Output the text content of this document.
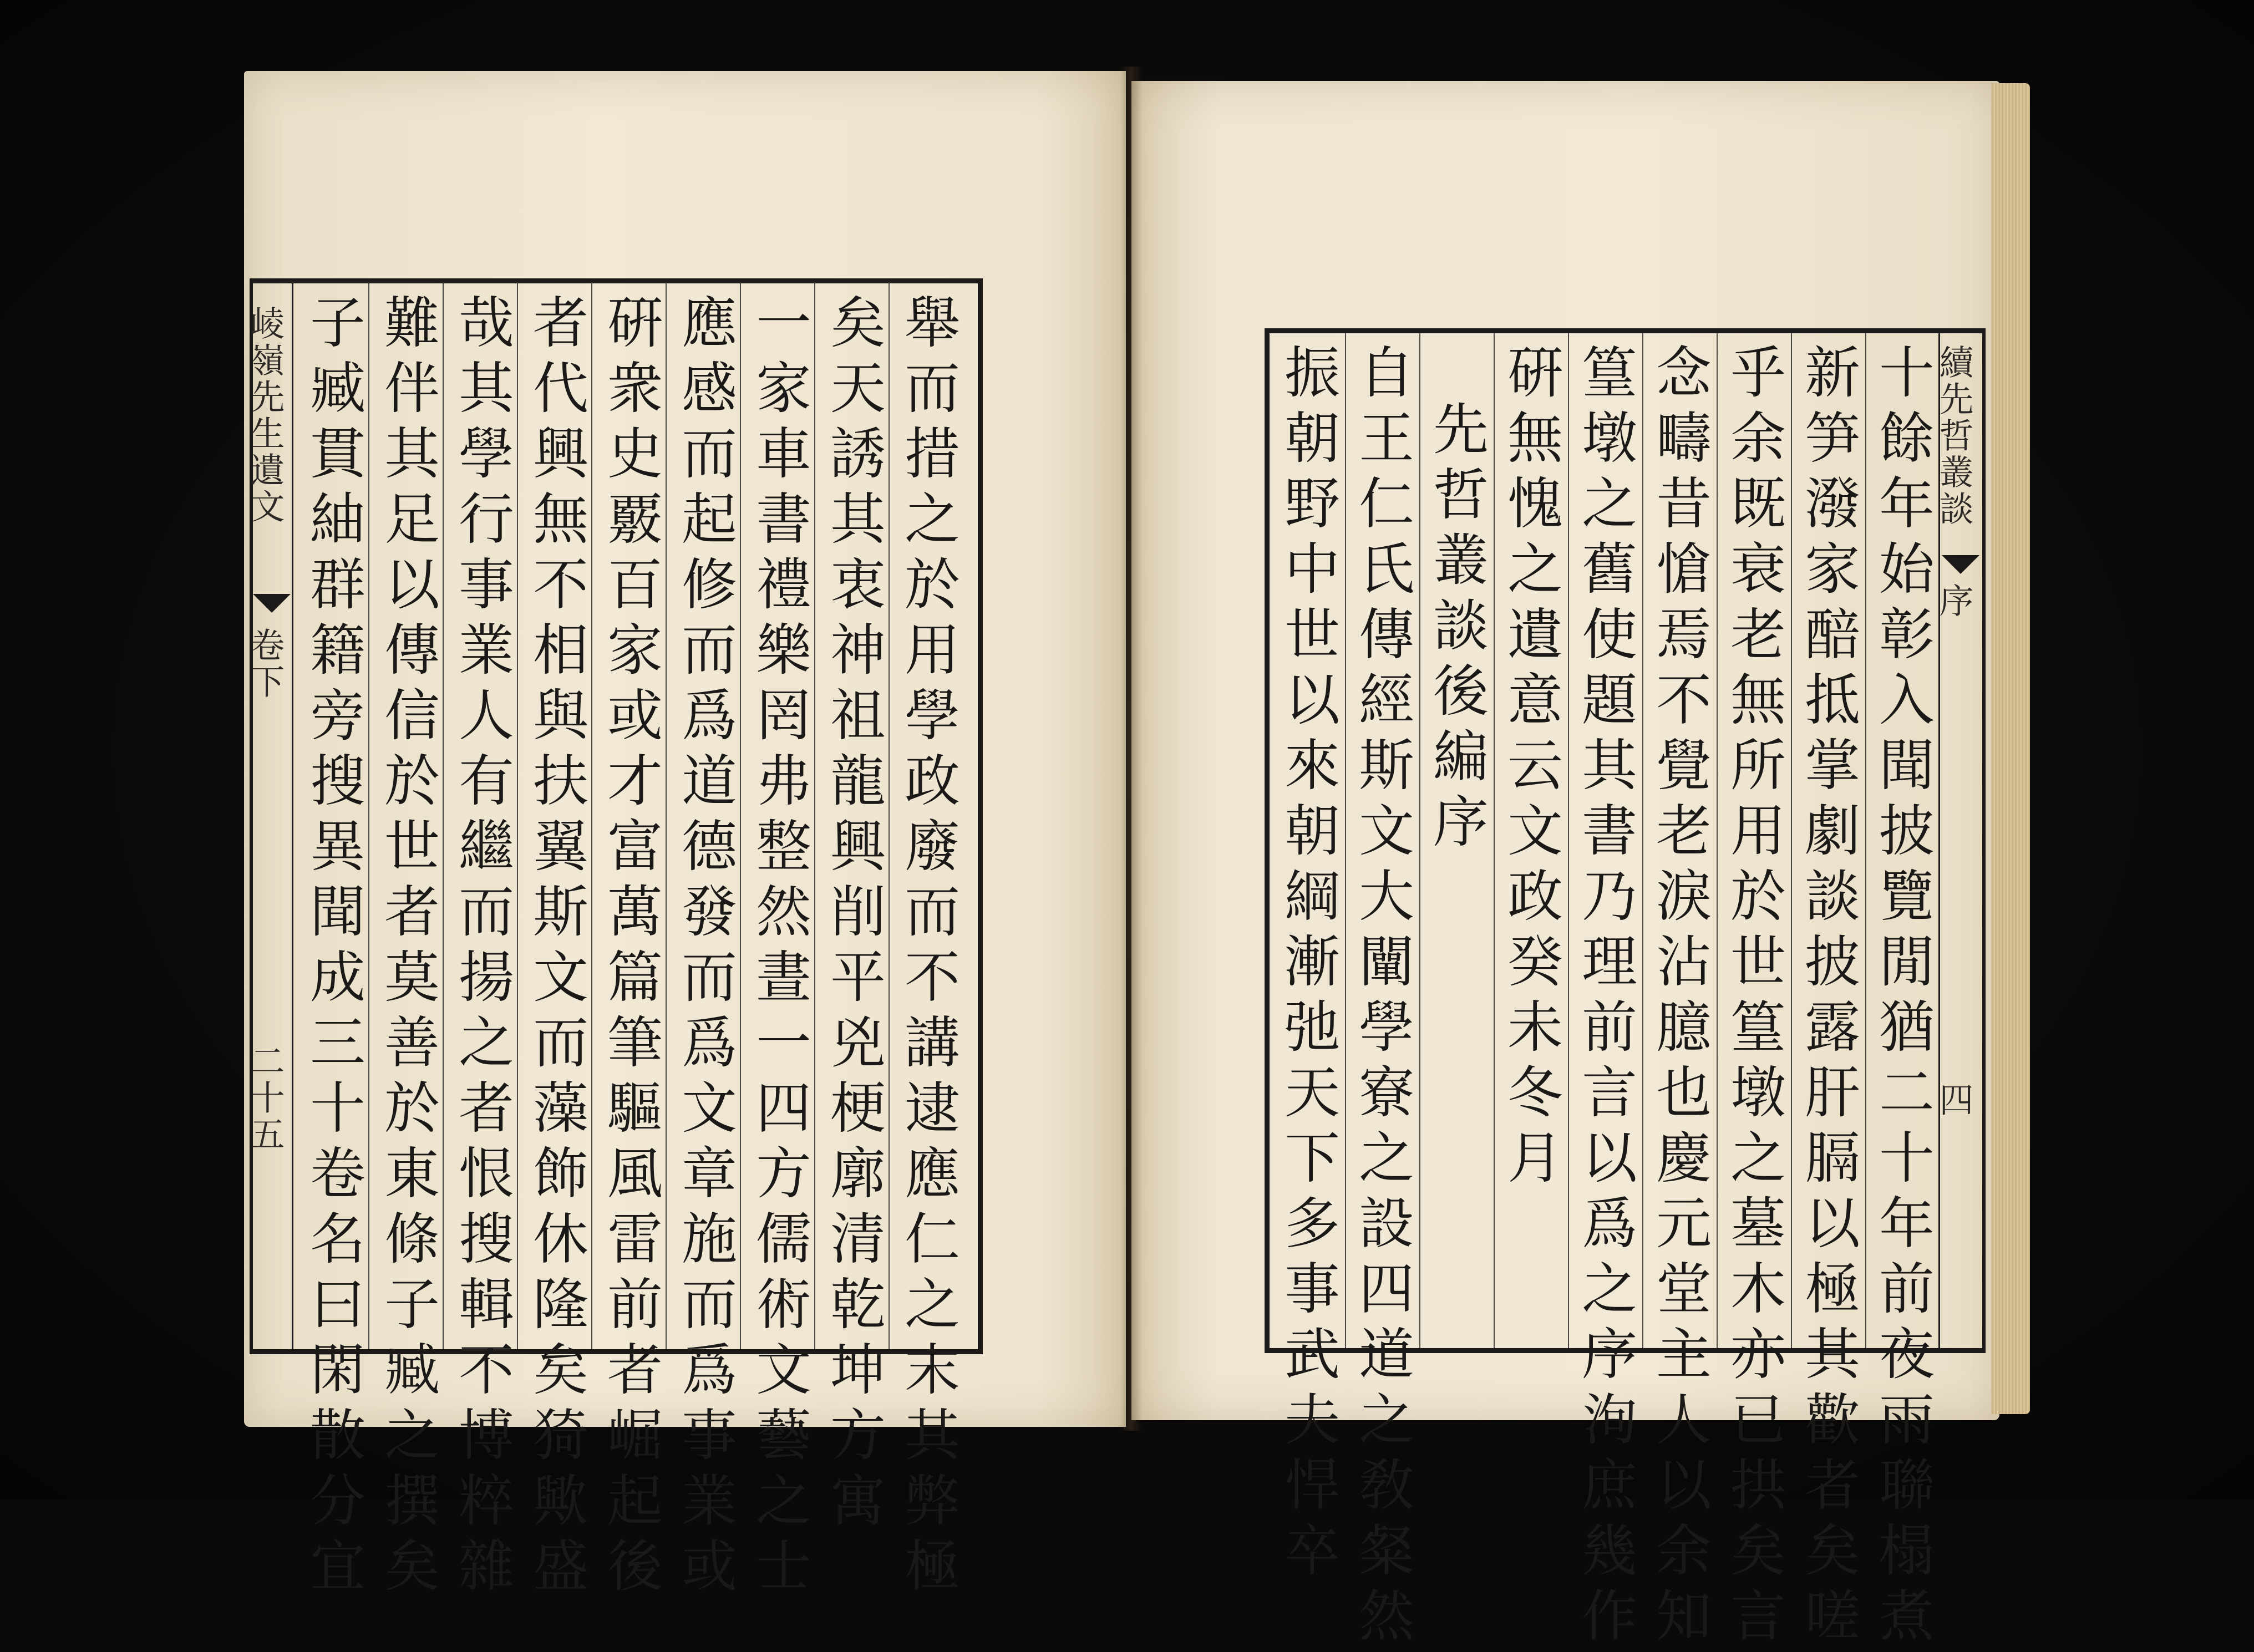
崚嶺先生遺文
卷下
二十五	舉而措之於用學政廢而不講逮應仁之末其弊極
矣天誘其衷神祖龍興削平兇梗廓清乾坤方寓
一家車書禮樂罔弗整然晝一四方儒術文藝之士
應感而起修而爲道德發而爲文章施而爲事業或
硏衆史覈百家或才富萬篇筆驅風雷前者崛起後
者代興無不相與扶翼斯文而藻飾休隆矣猗歟盛
哉其學行事業人有繼而揚之者恨搜輯不博粹雜
難伴其足以傳信於世者莫善於東條子臧之撰矣
子臧貫紬群籍旁搜異聞成三十卷名曰閑散分宜	續先哲叢談
序
四
十餘年始彰入聞披覽閒猶二十年前夜雨聯榻煮
新笋潑家醅抵掌劇談披露肝膈以極其歡者矣嗟
乎余既衰老無所用於世篁墩之墓木亦已拱矣言
念疇昔愴焉不覺老淚沾臆也慶元堂主人以余知
篁墩之舊使題其書乃理前言以爲之序洵庶幾作
硏無愧之遺意云文政癸未冬月
先哲叢談後編序
自王仁氏傳經斯文大闡學寮之設四道之敎粲然
振朝野中世以來朝綱漸弛天下多事武夫悍卒
